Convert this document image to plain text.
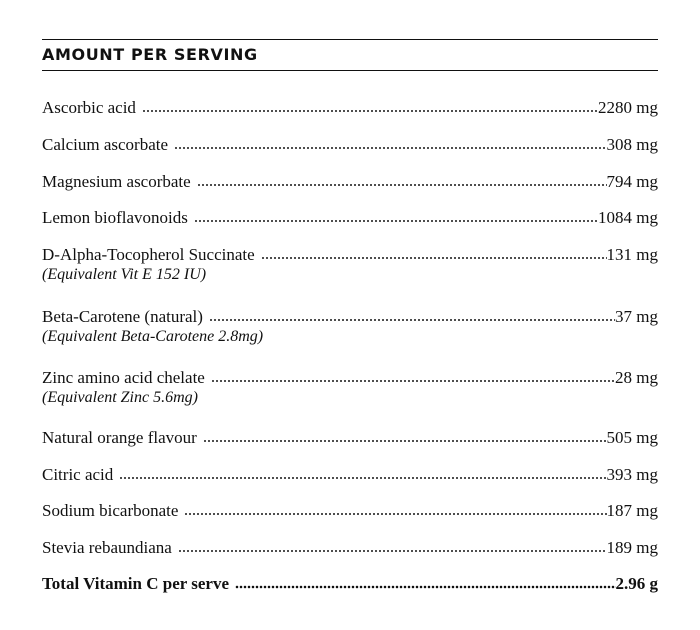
AMOUNT PER SERVING
Ascorbic acid	2280 mg
Calcium ascorbate	308 mg
Magnesium ascorbate	794 mg
Lemon bioflavonoids	1084 mg
D-Alpha-Tocopherol Succinate	131 mg
(Equivalent Vit E 152 IU)
Beta-Carotene (natural)	37 mg
(Equivalent Beta-Carotene 2.8mg)
Zinc amino acid chelate	28 mg
(Equivalent Zinc 5.6mg)
Natural orange flavour	505 mg
Citric acid	393 mg
Sodium bicarbonate	187 mg
Stevia rebaundiana	189 mg
Total Vitamin C per serve	2.96 g
